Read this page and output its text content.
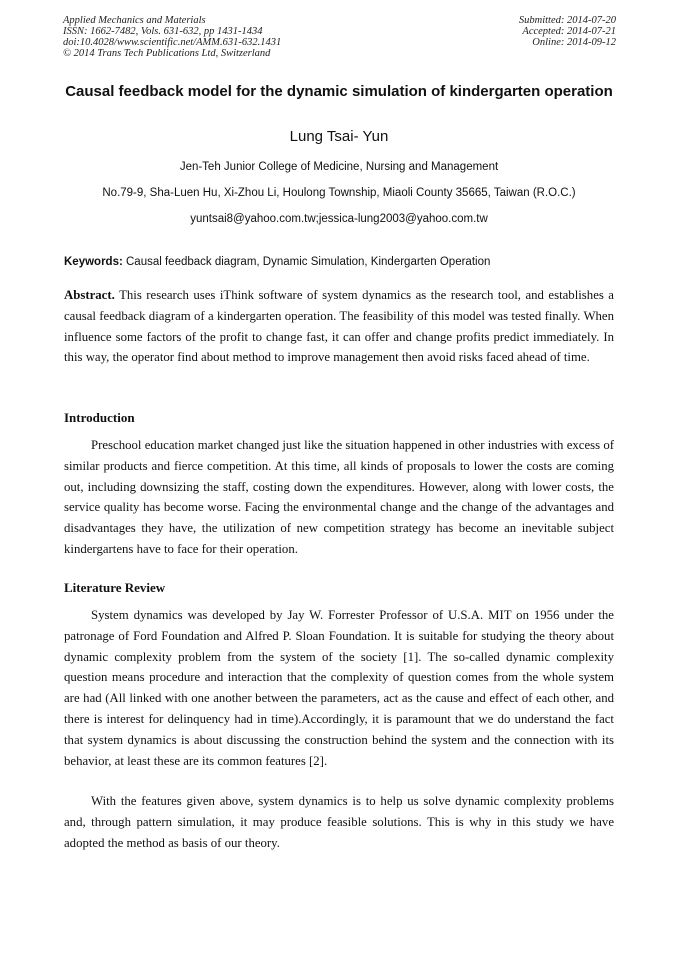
Applied Mechanics and Materials
ISSN: 1662-7482, Vols. 631-632, pp 1431-1434
doi:10.4028/www.scientific.net/AMM.631-632.1431
© 2014 Trans Tech Publications Ltd, Switzerland
Submitted: 2014-07-20
Accepted: 2014-07-21
Online: 2014-09-12
Causal feedback model for the dynamic simulation of kindergarten operation
Lung Tsai- Yun
Jen-Teh Junior College of Medicine, Nursing and Management
No.79-9, Sha-Luen Hu, Xi-Zhou Li, Houlong Township, Miaoli County 35665, Taiwan (R.O.C.)
yuntsai8@yahoo.com.tw;jessica-lung2003@yahoo.com.tw
Keywords: Causal feedback diagram, Dynamic Simulation, Kindergarten Operation
Abstract. This research uses iThink software of system dynamics as the research tool, and establishes a causal feedback diagram of a kindergarten operation. The feasibility of this model was tested finally. When influence some factors of the profit to change fast, it can offer and change profits predict immediately. In this way, the operator find about method to improve management then avoid risks faced ahead of time.
Introduction
Preschool education market changed just like the situation happened in other industries with excess of similar products and fierce competition. At this time, all kinds of proposals to lower the costs are coming out, including downsizing the staff, costing down the expenditures. However, along with lower costs, the service quality has become worse. Facing the environmental change and the change of the advantages and disadvantages they have, the utilization of new competition strategy has become an inevitable subject kindergartens have to face for their operation.
Literature Review
System dynamics was developed by Jay W. Forrester Professor of U.S.A. MIT on 1956 under the patronage of Ford Foundation and Alfred P. Sloan Foundation. It is suitable for studying the theory about dynamic complexity problem from the system of the society [1]. The so-called dynamic complexity question means procedure and interaction that the complexity of question comes from the whole system are had (All linked with one another between the parameters, act as the cause and effect of each other, and there is interest for delinquency had in time).Accordingly, it is paramount that we do understand the fact that system dynamics is about discussing the construction behind the system and the connection with its behavior, at least these are its common features [2].
With the features given above, system dynamics is to help us solve dynamic complexity problems and, through pattern simulation, it may produce feasible solutions. This is why in this study we have adopted the method as basis of our theory.
